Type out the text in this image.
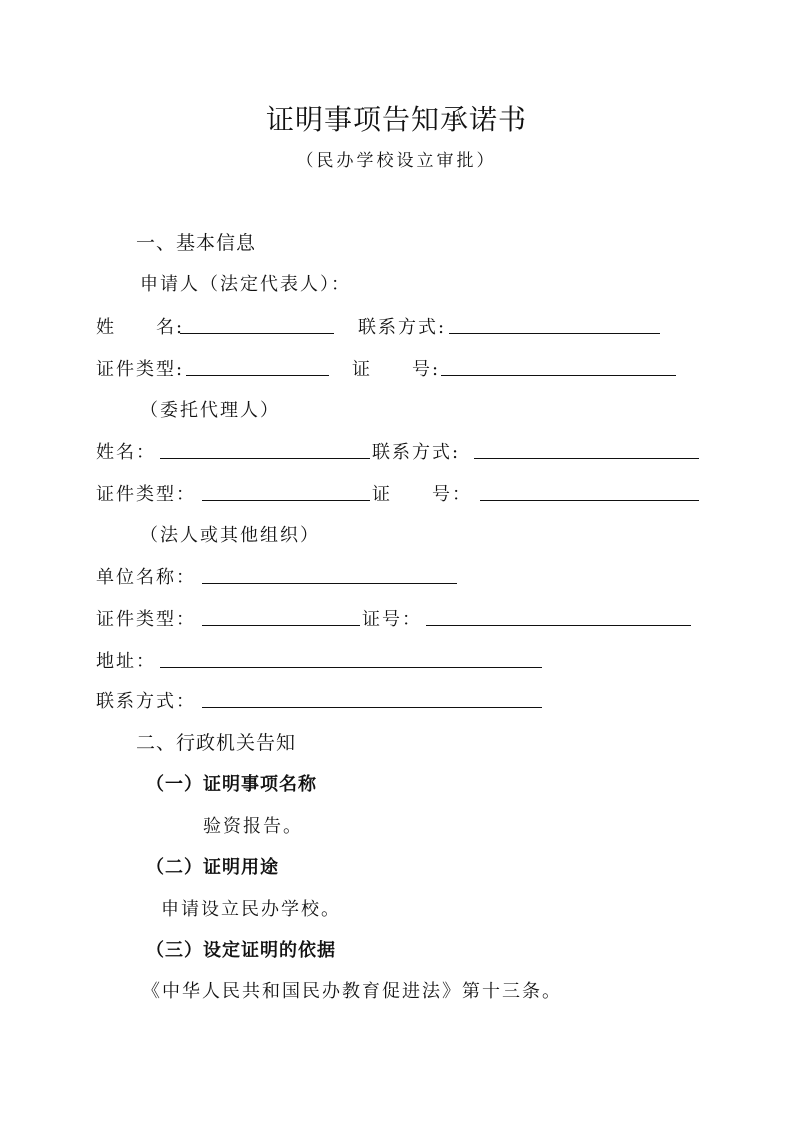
证明事项告知承诺书
（民办学校设立审批）
一、基本信息
申请人（法定代表人）：
姓　　名:	联系方式:
证件类型:	证　　号:
（委托代理人）
姓名：	联系方式:
证件类型：	证　　号：
（法人或其他组织）
单位名称：
证件类型：	证号：
地址：
联系方式：
二、行政机关告知
（一）证明事项名称
验资报告。
（二）证明用途
申请设立民办学校。
（三）设定证明的依据
《中华人民共和国民办教育促进法》第十三条。
